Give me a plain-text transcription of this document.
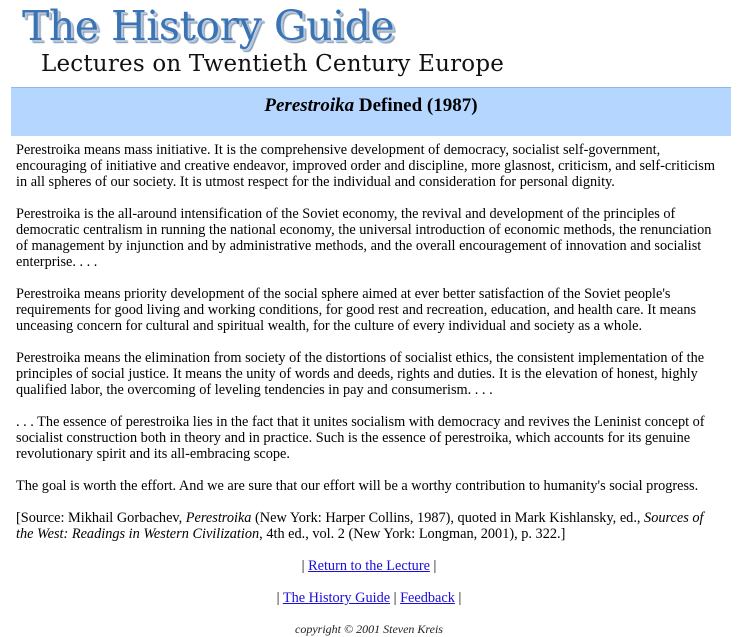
The History Guide
Lectures on Twentieth Century Europe
Perestroika Defined (1987)

Perestroika means mass initiative. It is the comprehensive development of democracy, socialist self-government, encouraging of initiative and creative endeavor, improved order and discipline, more glasnost, criticism, and self-criticism in all spheres of our society. It is utmost respect for the individual and consideration for personal dignity.

Perestroika is the all-around intensification of the Soviet economy, the revival and development of the principles of democratic centralism in running the national economy, the universal introduction of economic methods, the renunciation of management by injunction and by administrative methods, and the overall encouragement of innovation and socialist enterprise. . . .

Perestroika means priority development of the social sphere aimed at ever better satisfaction of the Soviet people's requirements for good living and working conditions, for good rest and recreation, education, and health care. It means unceasing concern for cultural and spiritual wealth, for the culture of every individual and society as a whole.

Perestroika means the elimination from society of the distortions of socialist ethics, the consistent implementation of the principles of social justice. It means the unity of words and deeds, rights and duties. It is the elevation of honest, highly qualified labor, the overcoming of leveling tendencies in pay and consumerism. . . .

. . . The essence of perestroika lies in the fact that it unites socialism with democracy and revives the Leninist concept of socialist construction both in theory and in practice. Such is the essence of perestroika, which accounts for its genuine revolutionary spirit and its all-embracing scope.

The goal is worth the effort. And we are sure that our effort will be a worthy contribution to humanity's social progress.

[Source: Mikhail Gorbachev, Perestroika (New York: Harper Collins, 1987), quoted in Mark Kishlansky, ed., Sources of the West: Readings in Western Civilization, 4th ed., vol. 2 (New York: Longman, 2001), p. 322.]

| Return to the Lecture |

| The History Guide | Feedback |

copyright © 2001 Steven Kreis
